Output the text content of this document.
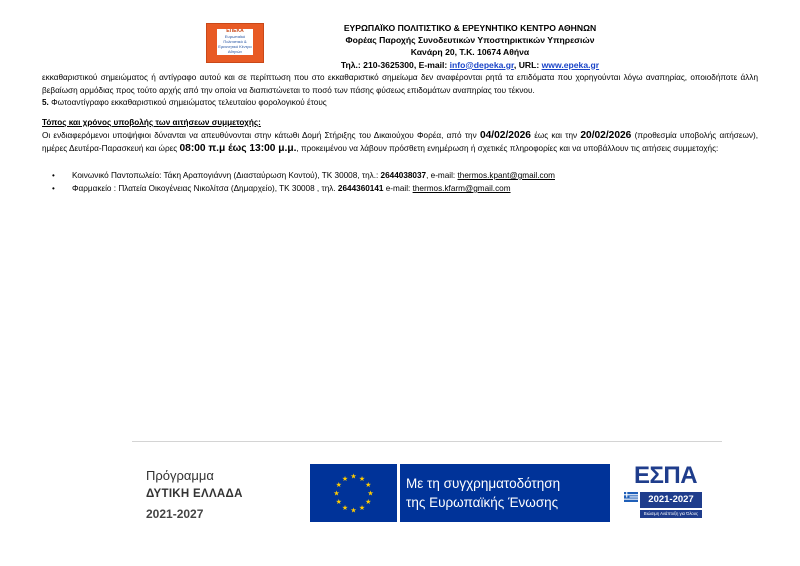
ΕΠΕΚΑ
Ευρωπαϊκό Πολιτιστικό & Ερευνητικό Κέντρο Αθηνών
ΕΥΡΩΠΑΪΚΟ ΠΟΛΙΤΙΣΤΙΚΟ & ΕΡΕΥΝΗΤΙΚΟ ΚΕΝΤΡΟ ΑΘΗΝΩΝ
Φορέας Παροχής Συνοδευτικών Υποστηρικτικών Υπηρεσιών
Κανάρη 20, Τ.Κ. 10674 Αθήνα
Τηλ.: 210-3625300, E-mail: info@depeka.gr, URL: www.epeka.gr
εκκαθαριστικού σημειώματος ή αντίγραφο αυτού και σε περίπτωση που στο εκκαθαριστικό σημείωμα δεν αναφέρονται ρητά τα επιδόματα που χορηγούνται λόγω αναπηρίας, οποιοδήποτε άλλη βεβαίωση αρμόδιας προς τούτο αρχής από την οποία να διαπιστώνεται το ποσό των πάσης φύσεως επιδομάτων αναπηρίας του τέκνου.
5. Φωτοαντίγραφο εκκαθαριστικού σημειώματος τελευταίου φορολογικού έτους
Τόπος και χρόνος υποβολής των αιτήσεων συμμετοχής:
Οι ενδιαφερόμενοι υποψήφιοι δύνανται να απευθύνονται στην κάτωθι Δομή Στήριξης του Δικαιούχου Φορέα, από την 04/02/2026 έως και την 20/02/2026 (προθεσμία υποβολής αιτήσεων), ημέρες Δευτέρα-Παρασκευή και ώρες 08:00 π.μ έως 13:00 μ.μ., προκειμένου να λάβουν πρόσθετη ενημέρωση ή σχετικές πληροφορίες και να υποβάλλουν τις αιτήσεις συμμετοχής:
• Κοινωνικό Παντοπωλείο: Τάκη Αραπογιάννη (Διασταύρωση Κοντού), ΤΚ 30008, τηλ.: 2644038037, e-mail: thermos.kpant@gmail.com
• Φαρμακείο : Πλατεία Οικογένειας Νικολίτσα (Δημαρχείο), ΤΚ 30008 , τηλ. 2644360141 e-mail: thermos.kfarm@gmail.com
Πρόγραμμα
ΔΥΤΙΚΗ ΕΛΛΑΔΑ
2021-2027
★ ★
★
★
★
★
★
★
★
★
★
★	Με τη συγχρηματοδότηση
της Ευρωπαϊκής Ένωσης
ΕΣΠΑ
2021-2027
Βιώσιμη Ανάπτυξη για Όλους
